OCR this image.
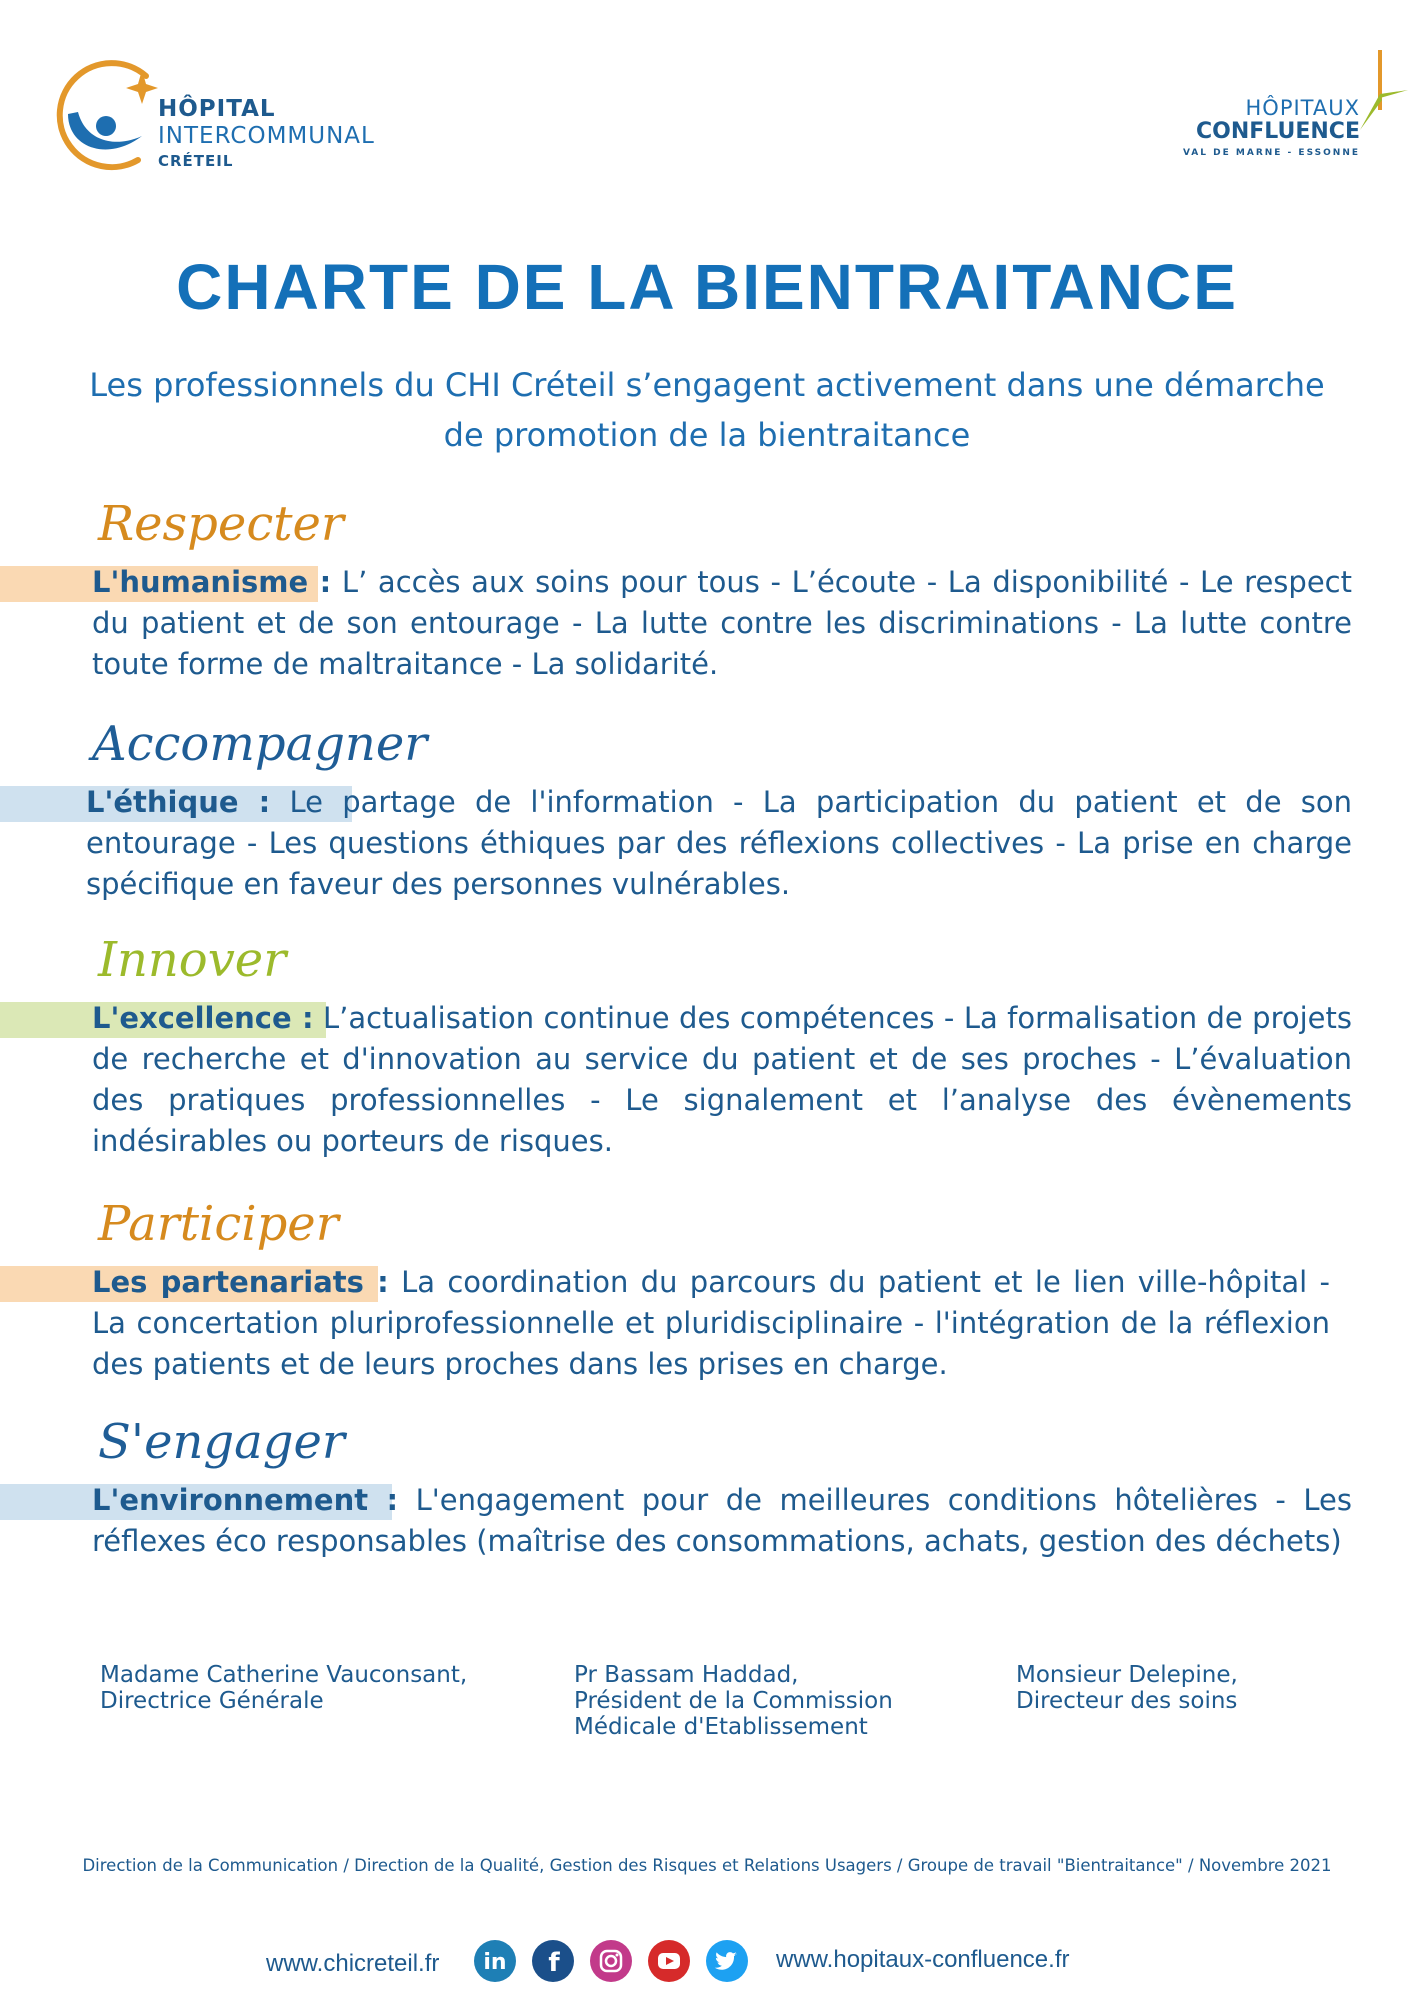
HÔPITAL
INTERCOMMUNAL
CRÉTEIL
HÔPITAUX
CONFLUENCE
VAL DE MARNE - ESSONNE
CHARTE DE LA BIENTRAITANCE
Les professionnels du CHI Créteil s’engagent activement dans une démarche de promotion de la bientraitance
Respecter
L'humanisme : L’ accès aux soins pour tous - L’écoute - La disponibilité - Le respect du patient et de son entourage - La lutte contre les discriminations - La lutte contre toute forme de maltraitance - La solidarité.
Accompagner
L'éthique : Le partage de l'information - La participation du patient et de son entourage - Les questions éthiques par des réflexions collectives - La prise en charge spécifique en faveur des personnes vulnérables.
Innover
L'excellence : L’actualisation continue des compétences - La formalisation de projets de recherche et d'innovation au service du patient et de ses proches - L’évaluation des pratiques professionnelles - Le signalement et l’analyse des évènements indésirables ou porteurs de risques.
Participer
Les partenariats : La coordination du parcours du patient et le lien ville-hôpital - La concertation pluriprofessionnelle et pluridisciplinaire - l'intégration de la réflexion des patients et de leurs proches dans les prises en charge.
S'engager
L'environnement : L'engagement pour de meilleures conditions hôtelières - Les réflexes éco responsables (maîtrise des consommations, achats, gestion des déchets)
Madame Catherine Vauconsant,
Directrice Générale
Pr Bassam Haddad,
Président de la Commission
Médicale d'Etablissement
Monsieur Delepine,
Directeur des soins
Direction de la Communication / Direction de la Qualité, Gestion des Risques et Relations Usagers / Groupe de travail "Bientraitance" / Novembre 2021
www.chicreteil.fr in f	www.hopitaux-confluence.fr
